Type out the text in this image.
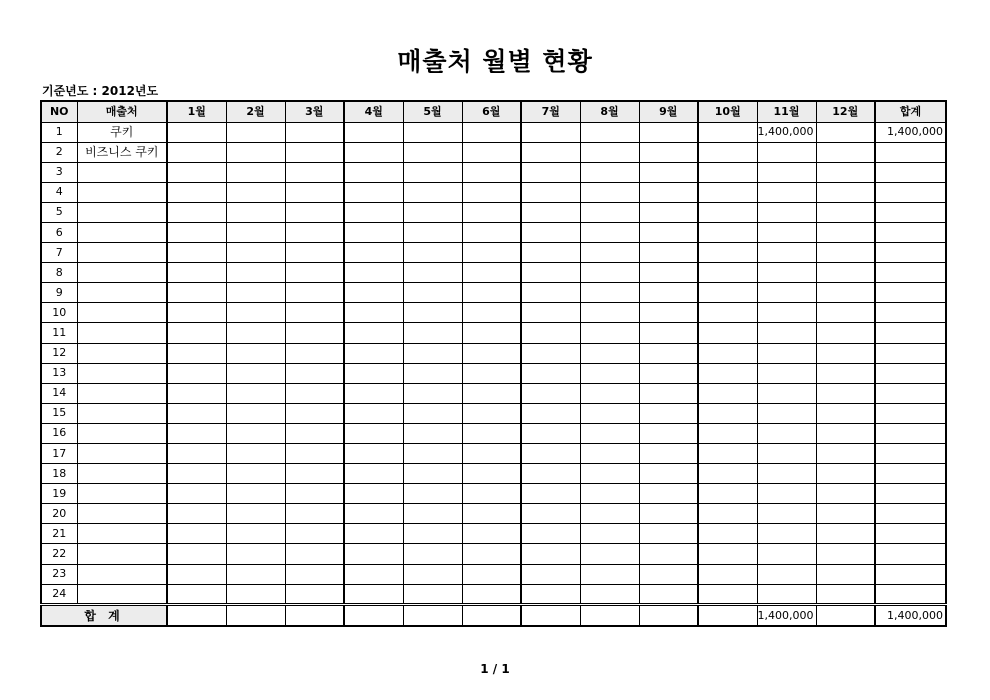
매출처 월별 현황
기준년도 : 2012년도
NO	매출처	1월	2월	3월	4월	5월	6월	7월	8월	9월	10월	11월	12월	합계
1	쿠키											1,400,000		1,400,000
2	비즈니스 쿠키													
3														
4														
5														
6														
7														
8														
9														
10														
11														
12														
13														
14														
15														
16														
17														
18														
19														
20														
21														
22														
23														
24														
합 계												1,400,000		1,400,000
1 / 1
